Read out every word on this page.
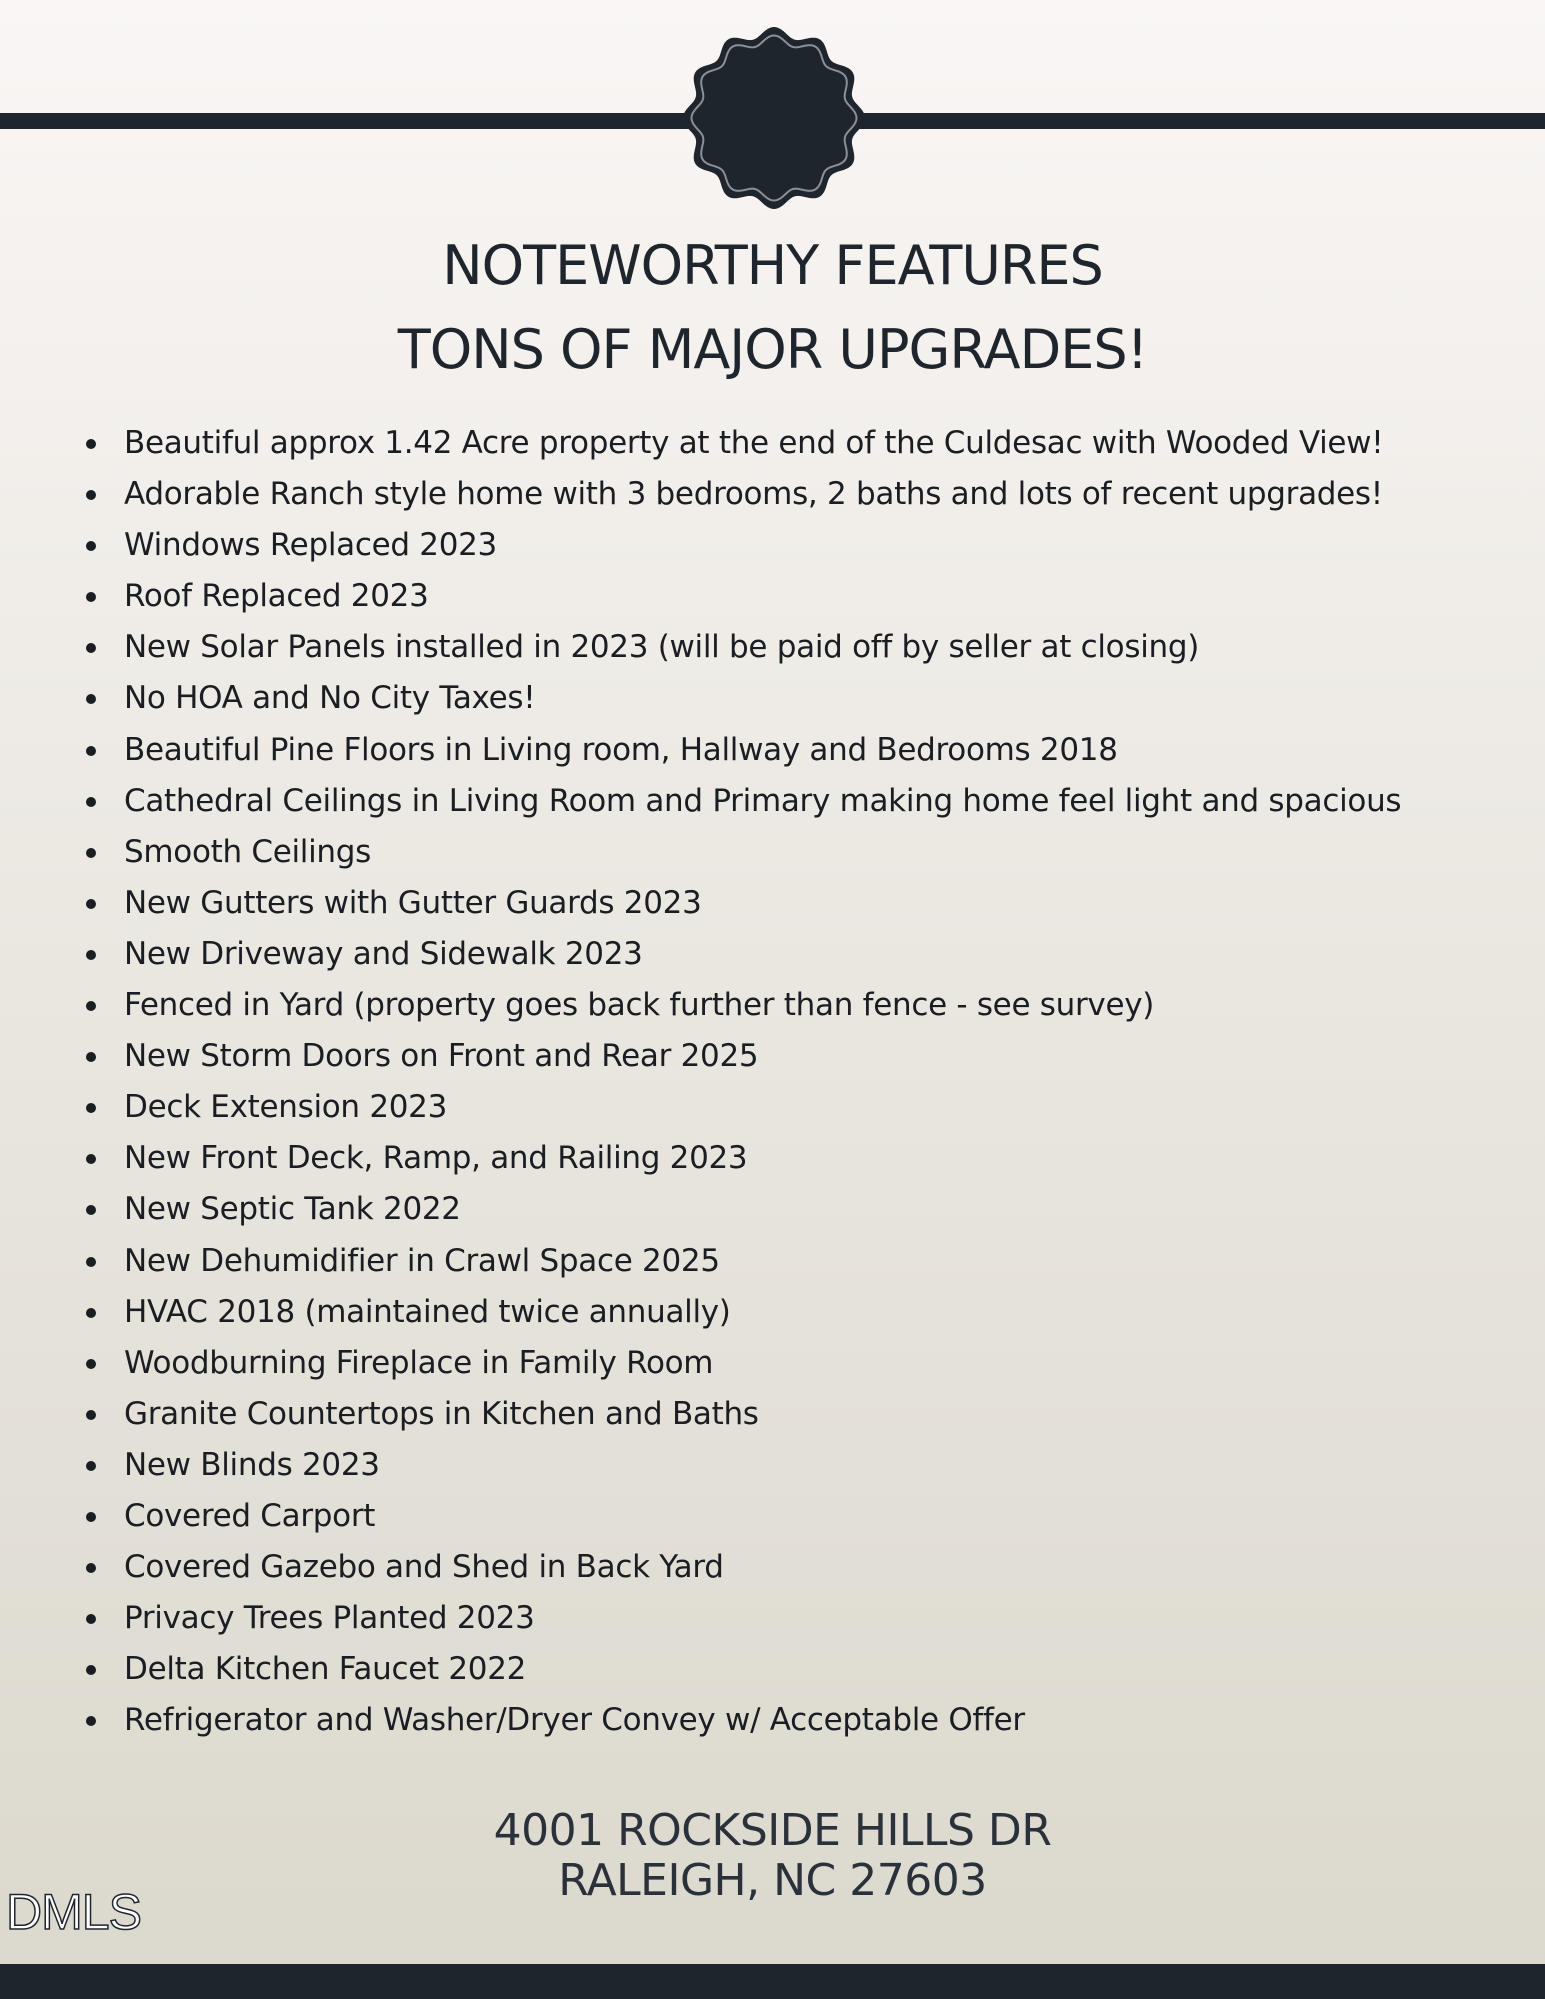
NOTEWORTHY FEATURES
TONS OF MAJOR UPGRADES!
Beautiful approx 1.42 Acre property at the end of the Culdesac with Wooded View!
Adorable Ranch style home with 3 bedrooms, 2 baths and lots of recent upgrades!
Windows Replaced 2023
Roof Replaced 2023
New Solar Panels installed in 2023 (will be paid off by seller at closing)
No HOA and No City Taxes!
Beautiful Pine Floors in Living room, Hallway and Bedrooms 2018
Cathedral Ceilings in Living Room and Primary making home feel light and spacious
Smooth Ceilings
New Gutters with Gutter Guards 2023
New Driveway and Sidewalk 2023
Fenced in Yard (property goes back further than fence - see survey)
New Storm Doors on Front and Rear 2025
Deck Extension 2023
New Front Deck, Ramp, and Railing 2023
New Septic Tank 2022
New Dehumidifier in Crawl Space 2025
HVAC 2018 (maintained twice annually)
Woodburning Fireplace in Family Room
Granite Countertops in Kitchen and Baths
New Blinds 2023
Covered Carport
Covered Gazebo and Shed in Back Yard
Privacy Trees Planted 2023
Delta Kitchen Faucet 2022
Refrigerator and Washer/Dryer Convey w/ Acceptable Offer
4001 ROCKSIDE HILLS DR
RALEIGH, NC 27603
DMLS
